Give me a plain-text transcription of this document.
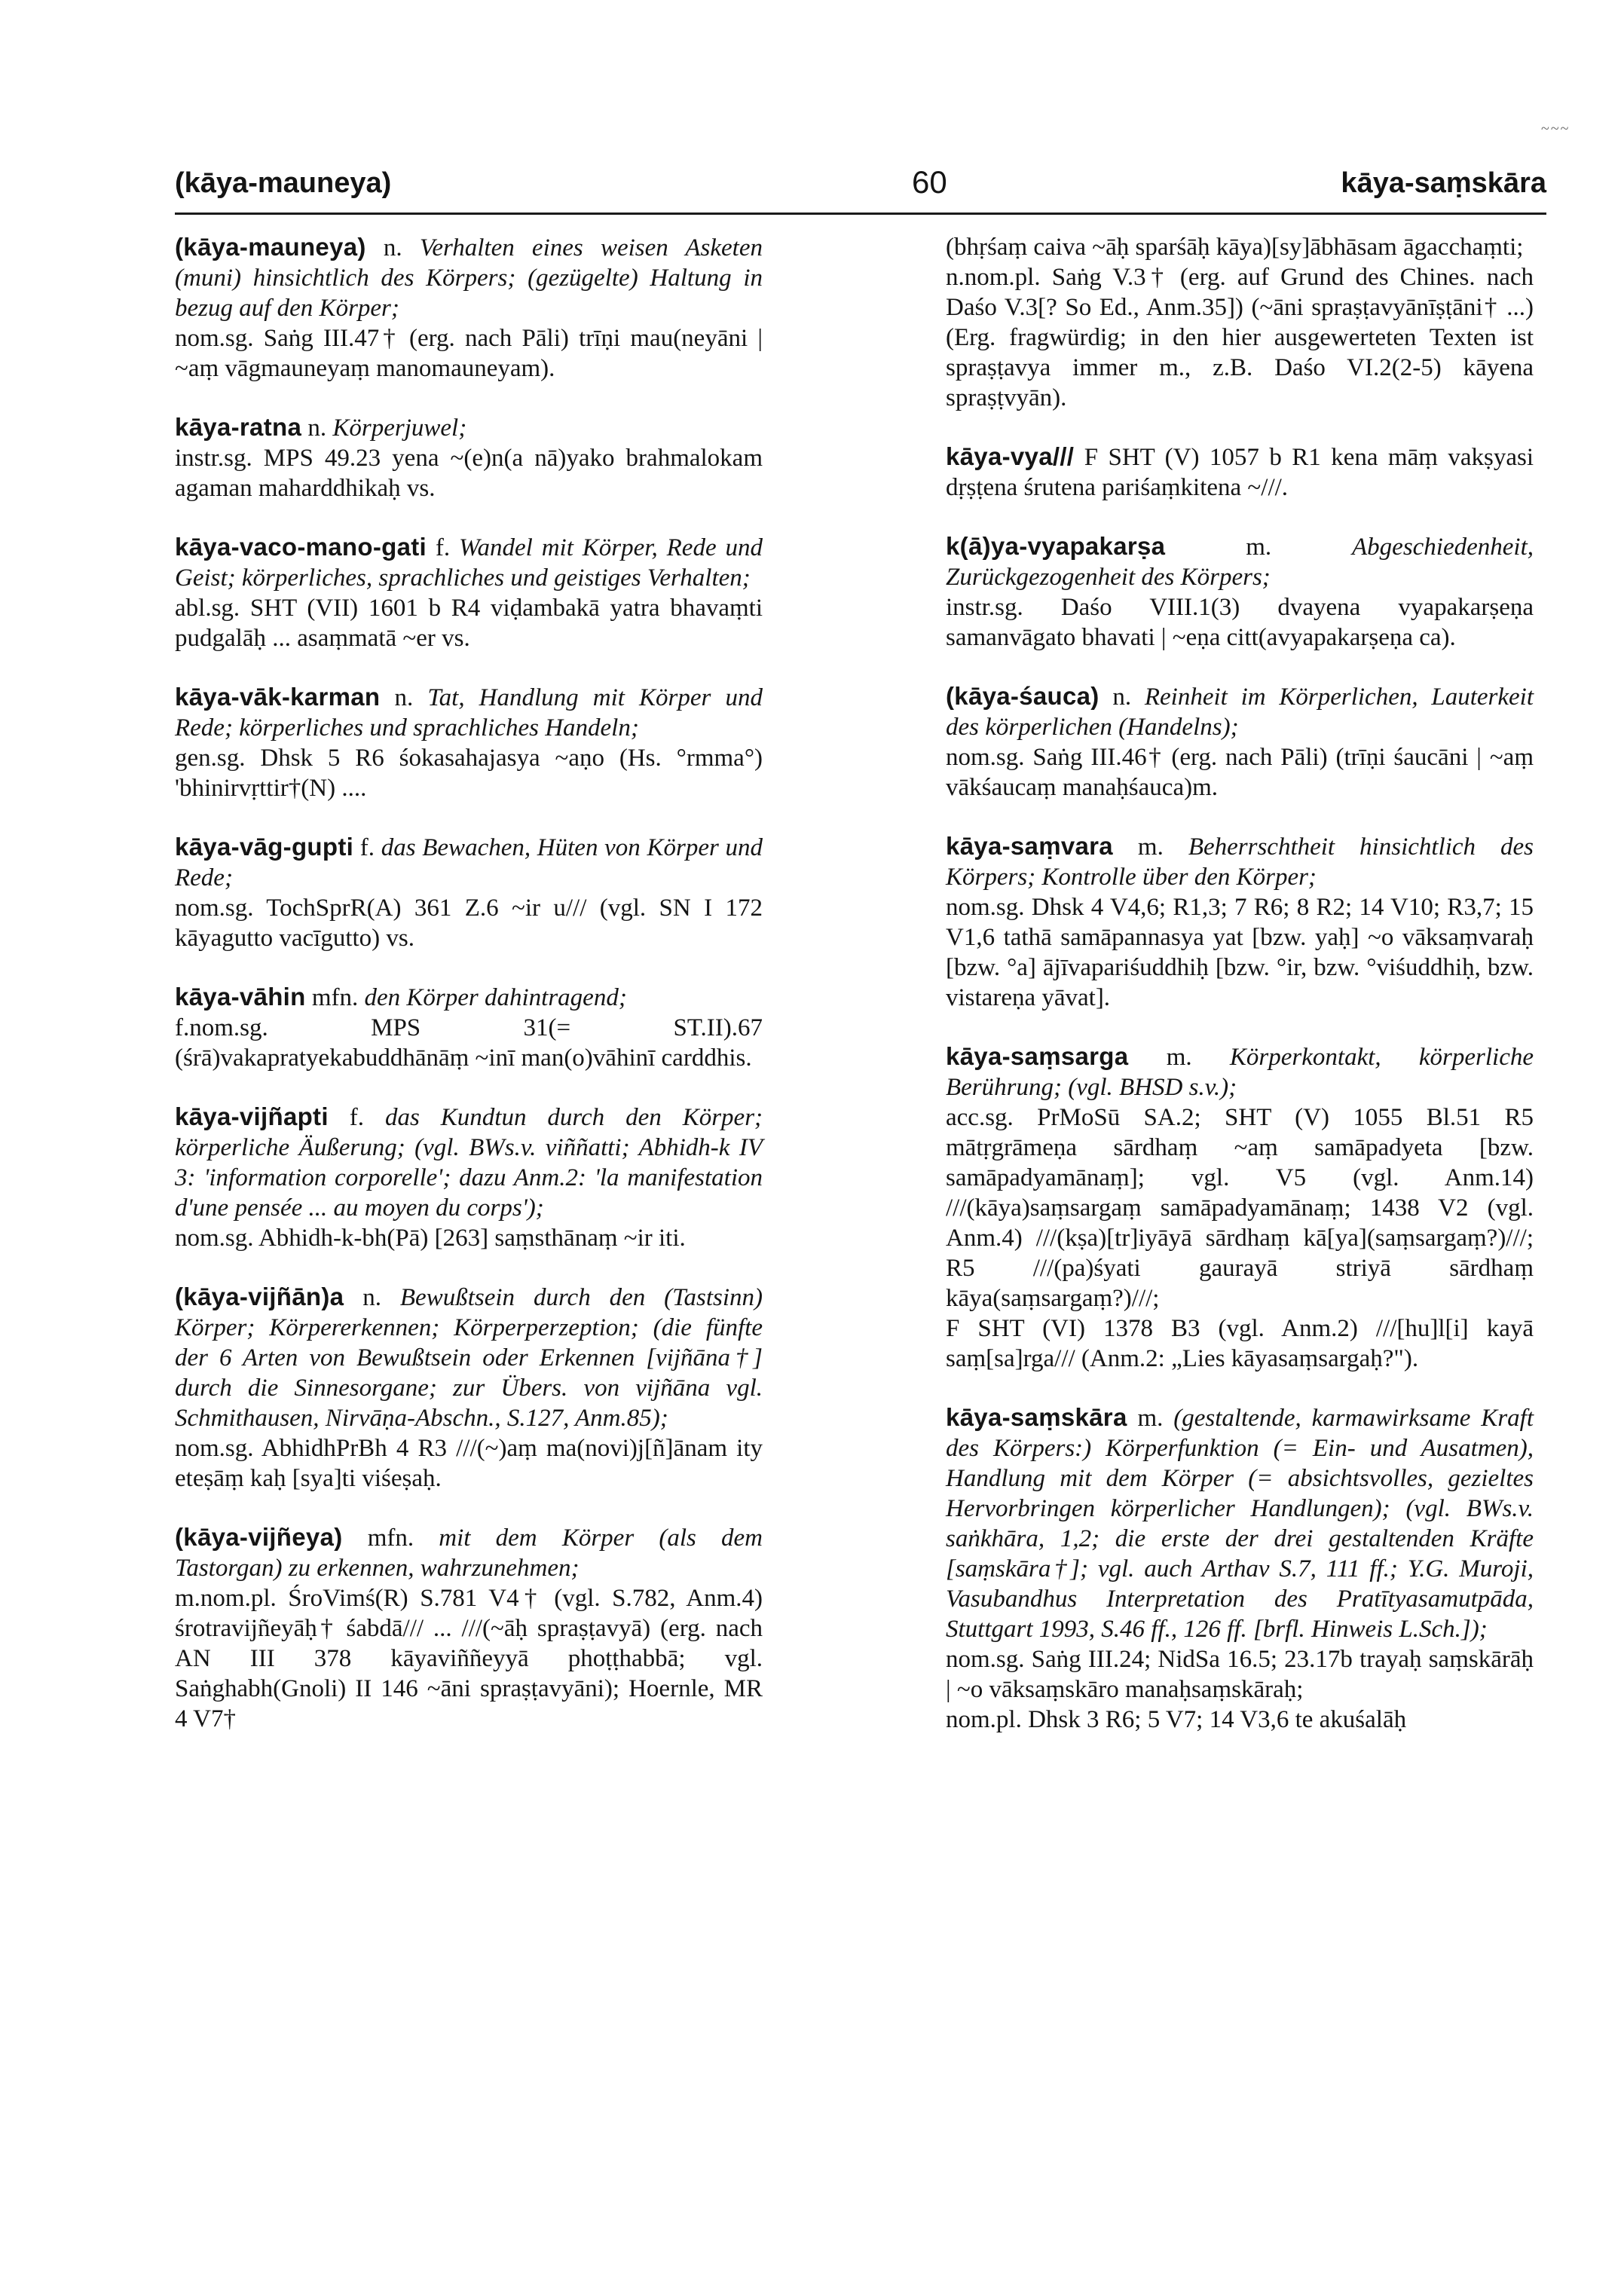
~~~
(kāya-mauneya)	60	kāya-saṃskāra

(kāya-mauneya) n. Verhalten eines weisen Asketen (muni) hinsichtlich des Körpers; (gezügelte) Haltung in bezug auf den Körper;

nom.sg. Saṅg III.47† (erg. nach Pāli) trīṇi mau(neyāni | ~aṃ vāgmauneyaṃ manomauneyam).

kāya-ratna n. Körperjuwel;

instr.sg. MPS 49.23 yena ~(e)n(a nā)yako brahmalokam agaman maharddhikaḥ vs.

kāya-vaco-mano-gati f. Wandel mit Körper, Rede und Geist; körperliches, sprachliches und geistiges Verhalten;

abl.sg. SHT (VII) 1601 b R4 viḍambakā yatra bhavaṃti pudgalāḥ ... asaṃmatā ~er vs.

kāya-vāk-karman n. Tat, Handlung mit Körper und Rede; körperliches und sprachliches Handeln;

gen.sg. Dhsk 5 R6 śokasahajasya ~aṇo (Hs. °rmma°) 'bhinirvṛttir†(N) ....

kāya-vāg-gupti f. das Bewachen, Hüten von Körper und Rede;

nom.sg. TochSprR(A) 361 Z.6 ~ir u/// (vgl. SN I 172 kāyagutto vacīgutto) vs.

kāya-vāhin mfn. den Körper dahintragend;

f.nom.sg. MPS 31(= ST.II).67 (śrā)vakapratyekabuddhānāṃ ~inī man(o)vāhinī carddhis.

kāya-vijñapti f. das Kundtun durch den Körper; körperliche Äußerung; (vgl. BWs.v. viññatti; Abhidh-k IV 3: 'information corporelle'; dazu Anm.2: 'la manifestation d'une pensée ... au moyen du corps');

nom.sg. Abhidh-k-bh(Pā) [263] saṃsthānaṃ ~ir iti.

(kāya-vijñān)a n. Bewußtsein durch den (Tastsinn) Körper; Körpererkennen; Körperperzeption; (die fünfte der 6 Arten von Bewußtsein oder Erkennen [vijñāna†] durch die Sinnesorgane; zur Übers. von vijñāna vgl. Schmithausen, Nirvāṇa-Abschn., S.127, Anm.85);

nom.sg. AbhidhPrBh 4 R3 ///(~)aṃ ma(novi)j[ñ]ānam ity eteṣāṃ kaḥ [sya]ti viśeṣaḥ.

(kāya-vijñeya) mfn. mit dem Körper (als dem Tastorgan) zu erkennen, wahrzunehmen;

m.nom.pl. ŚroVimś(R) S.781 V4† (vgl. S.782, Anm.4) śrotravijñeyāḥ† śabdā/// ... ///(~āḥ spraṣṭavyā) (erg. nach AN III 378 kāyaviññeyyā phoṭṭhabbā; vgl. Saṅghabh(Gnoli) II 146 ~āni spraṣṭavyāni); Hoernle, MR 4 V7†

(bhṛśaṃ caiva ~āḥ sparśāḥ kāya)[sy]ābhāsam āgacchaṃti;

n.nom.pl. Saṅg V.3† (erg. auf Grund des Chines. nach Daśo V.3[? So Ed., Anm.35]) (~āni spraṣṭavyānīṣṭāni† ...) (Erg. fragwürdig; in den hier ausgewerteten Texten ist spraṣṭavya immer m., z.B. Daśo VI.2(2-5) kāyena spraṣṭvyān).

kāya-vya/// F SHT (V) 1057 b R1 kena māṃ vakṣyasi dṛṣṭena śrutena pariśaṃkitena ~///.

k(ā)ya-vyapakarṣa	m.	Abgeschiedenheit, Zurückgezogenheit des Körpers;

instr.sg. Daśo VIII.1(3) dvayena vyapakarṣeṇa samanvāgato bhavati | ~eṇa citt(avyapakarṣeṇa ca).

(kāya-śauca) n. Reinheit im Körperlichen, Lauterkeit des körperlichen (Handelns);

nom.sg. Saṅg III.46† (erg. nach Pāli) (trīṇi śaucāni | ~aṃ vākśaucaṃ manaḥśauca)m.

kāya-saṃvara m. Beherrschtheit hinsichtlich des Körpers; Kontrolle über den Körper;

nom.sg. Dhsk 4 V4,6; R1,3; 7 R6; 8 R2; 14 V10; R3,7; 15 V1,6 tathā samāpannasya yat [bzw. yaḥ] ~o vāksaṃvaraḥ [bzw. °a] ājīvapariśuddhiḥ [bzw. °ir, bzw. °viśuddhiḥ, bzw. vistareṇa yāvat].

kāya-saṃsarga m. Körperkontakt, körperliche Berührung; (vgl. BHSD s.v.);

acc.sg. PrMoSū SA.2; SHT (V) 1055 Bl.51 R5 mātṛgrāmeṇa sārdhaṃ ~aṃ samāpadyeta [bzw. samāpadyamānaṃ]; vgl. V5 (vgl. Anm.14) ///(kāya)saṃsargaṃ samāpadyamānaṃ; 1438 V2 (vgl. Anm.4) ///(kṣa)[tr]iyāyā sārdhaṃ kā[ya](saṃsargaṃ?)///; R5 ///(pa)śyati gaurayā striyā sārdhaṃ kāya(saṃsargaṃ?)///;

F SHT (VI) 1378 B3 (vgl. Anm.2) ///[hu]l[i] kayā saṃ[sa]rga/// (Anm.2: „Lies kāyasaṃsargaḥ?").

kāya-saṃskāra m. (gestaltende, karmawirksame Kraft des Körpers:) Körperfunktion (= Ein- und Ausatmen), Handlung mit dem Körper (= absichtsvolles, gezieltes Hervorbringen körperlicher Handlungen); (vgl. BWs.v. saṅkhāra, 1,2; die erste der drei gestaltenden Kräfte [saṃskāra†]; vgl. auch Arthav S.7, 111 ff.; Y.G. Muroji, Vasubandhus Interpretation des Pratītyasamutpāda, Stuttgart 1993, S.46 ff., 126 ff. [brfl. Hinweis L.Sch.]);

nom.sg. Saṅg III.24; NidSa 16.5; 23.17b trayaḥ saṃskārāḥ | ~o vāksaṃskāro manaḥsaṃskāraḥ;

nom.pl. Dhsk 3 R6; 5 V7; 14 V3,6 te akuśalāḥ
